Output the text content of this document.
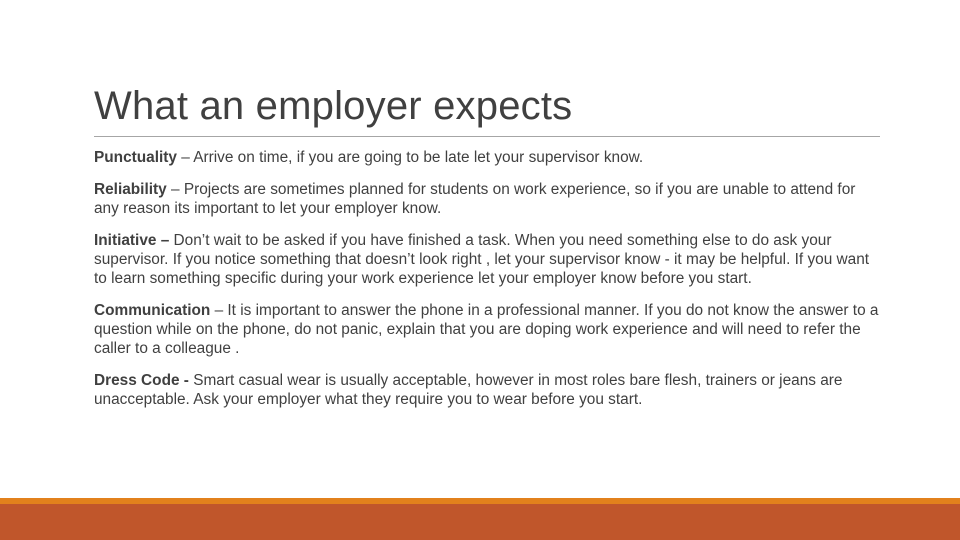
What an employer expects

Punctuality – Arrive on time, if you are going to be late let your supervisor know.

Reliability – Projects are sometimes planned for students on work experience, so if you are unable to attend for any reason its important to let your employer know.

Initiative – Don’t wait to be asked if you have finished a task. When you need something else to do ask your supervisor. If you notice something that doesn’t look right , let your supervisor know - it may be helpful. If you want to learn something specific during your work experience let your employer know before you start.

Communication – It is important to answer the phone in a professional manner. If you do not know the answer to a question while on the phone, do not panic, explain that you are doping work experience and will need to refer the caller to a colleague .

Dress Code - Smart casual wear is usually acceptable, however in most roles bare flesh, trainers or jeans are unacceptable. Ask your employer what they require you to wear before you start.
